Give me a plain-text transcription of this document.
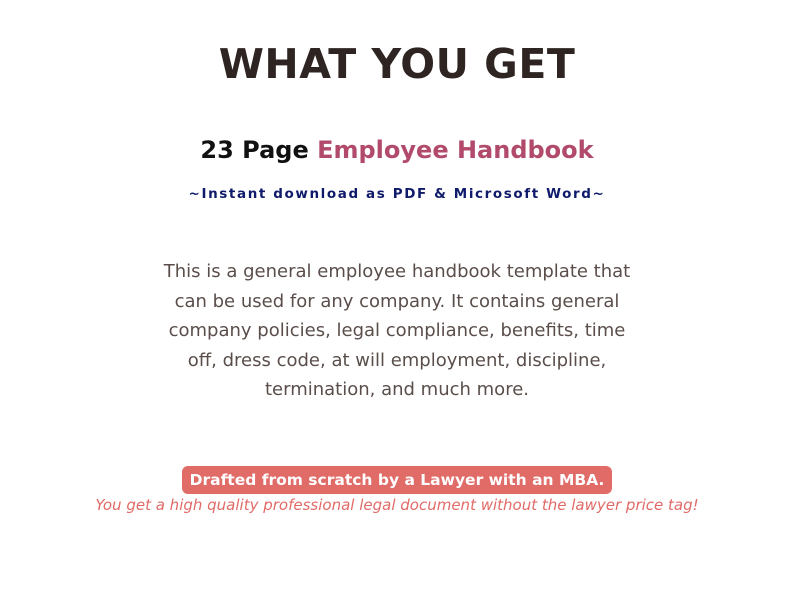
WHAT YOU GET
23 Page Employee Handbook
~Instant download as PDF & Microsoft Word~
This is a general employee handbook template that
can be used for any company. It contains general
company policies, legal compliance, benefits, time
off, dress code, at will employment, discipline,
termination, and much more.
Drafted from scratch by a Lawyer with an MBA.
You get a high quality professional legal document without the lawyer price tag!
